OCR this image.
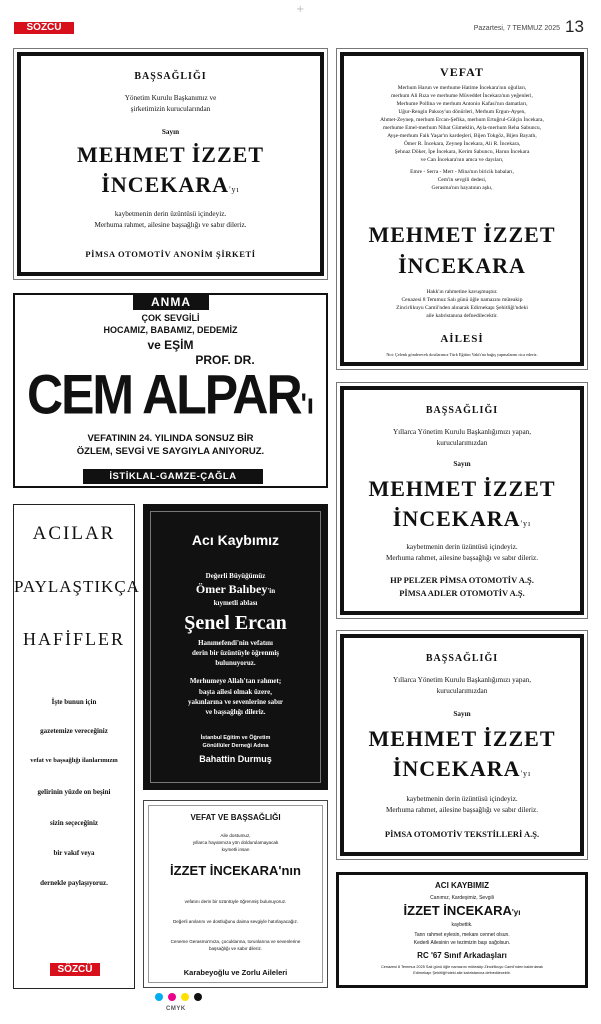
SÖZCÜ
+
Pazartesi, 7 TEMMUZ 2025 13
BAŞSAĞLIĞI
Yönetim Kurulu Başkanımız ve
şirketimizin kurucularından
Sayın
MEHMET İZZET
İNCEKARA'yı
kaybetmenin derin üzüntüsü içindeyiz.
Merhuma rahmet, ailesine başsağlığı ve sabır dileriz.
PİMSA OTOMOTİV ANONİM ŞİRKETİ
VEFAT
Merhum Harun ve merhume Hatime İncekara'nın oğulları,
merhum Ali Rıza ve merhume Müveddet İncekara'nın yeğenleri,
Merhume Pollina ve merhum Antonio Kafasi'nın damatları,
Uğur-Rengin Paksoy'un dönürleri, Merhum Ergun-Ayşen,
Ahmet-Zeynep, merhum Ercan-Şefika, merhum Ertuğrul-Gülçin İncekara,
merhume Emel-merhum Nihat Gümeklin, Ayla-merhum Reha Sabuncu,
Ayşe-merhum Faik Yaşar'ın kardeşleri, Bijen Tokgöz, Bijen Bayatlı,
Ömer R. İncekara, Zeynep İncekara, Ali R. İncekara,
Şehnaz Döker, İpe İncekara, Kerim Sabuncu, Harun İncekara
ve Can İncekara'nın amca ve dayıları,
Emre - Serra - Mert - Mina'nın biricik babaları,
Cem'in sevgili dedesi,
Gerasma'nın hayatının aşkı,
MEHMET İZZET
İNCEKARA
Hakk'ın rahmetine kavuşmuştur.
Cenazesi 8 Temmuz Salı günü öğle namazını müteakip
Zincirlikuyu Camii'nden alınarak Edirnekapı Şehitliği'ndeki
aile kabristanına defnedilecektir.
AİLESİ
Not: Çelenk gönderecek dostlarımız Türk Eğitim Vakfı'na bağış yapmalarını rica ederiz.
ANMA
ÇOK SEVGİLİ
HOCAMIZ, BABAMIZ, DEDEMİZ
ve EŞİM
PROF. DR.
CEM ALPAR'ı
VEFATININ 24. YILINDA SONSUZ BİR
ÖZLEM, SEVGİ VE SAYGIYLA ANIYORUZ.
İSTİKLAL-GAMZE-ÇAĞLA
BAŞSAĞLIĞI
Yıllarca Yönetim Kurulu Başkanlığımızı yapan,
kurucularımızdan
Sayın
MEHMET İZZET
İNCEKARA'yı
kaybetmenin derin üzüntüsü içindeyiz.
Merhuma rahmet, ailesine başsağlığı ve sabır dileriz.
HP PELZER PİMSA OTOMOTİV A.Ş.
PİMSA ADLER OTOMOTİV A.Ş.
ACILAR
PAYLAŞTIKÇA
HAFİFLER
İşte bunun için
gazetemize vereceğiniz
vefat ve başsağlığı ilanlarımızın
gelirinin yüzde on beşini
sizin seçeceğiniz
bir vakıf veya
dernekle paylaşıyoruz.
SÖZCÜ
Acı Kaybımız
Değerli Büyüğümüz
Ömer Balıbey'in
kıymetli ablası
Şenel Ercan
Hanımefendi'nin vefatını
derin bir üzüntüyle öğrenmiş
bulunuyoruz.
Merhumeye Allah'tan rahmet;
başta ailesi olmak üzere,
yakınlarına ve sevenlerine sabır
ve başsağlığı dileriz.
İstanbul Eğitim ve Öğretim
Gönüllüler Derneği Adına
Bahattin Durmuş
BAŞSAĞLIĞI
Yıllarca Yönetim Kurulu Başkanlığımızı yapan,
kurucularımızdan
Sayın
MEHMET İZZET
İNCEKARA'yı
kaybetmenin derin üzüntüsü içindeyiz.
Merhuma rahmet, ailesine başsağlığı ve sabır dileriz.
PİMSA OTOMOTİV TEKSTİLLERİ A.Ş.
VEFAT VE BAŞSAĞLIĞI
Aile dostumuz,
yıllarca hayatımıza yön doldurulamayacak
kıymetli insan
İZZET İNCEKARA'nın
vefatını derin bir üzüntüyle öğrenmiş bulunuyoruz.
Değerli anılarını ve dostluğunu daima sevgiyle hatırlayacağız.
Ceneme Gerasma'mıza, çocuklarına, torunlarına ve sevenlerine
başsağlığı ve sabır dileriz.
Karabeyoğlu ve Zorlu Aileleri
ACI KAYBIMIZ
Canımız, Kardeşimiz, Sevgili
İZZET İNCEKARA'yı
kaybettik.
Tanrı rahmet eylesin, mekanı cennet olsun.
Kederli Ailesinin ve tezimizin başı sağolsun.
RC '67 Sınıf Arkadaşları
Cenazesi 8 Temmuz 2025 Salı günü öğle namazını müteakip Zincirlikuyu Camii'nden kaldırılarak
Edirnekapı Şehitliği'ndeki aile kabristanına defnedilecektir.
CMYK
